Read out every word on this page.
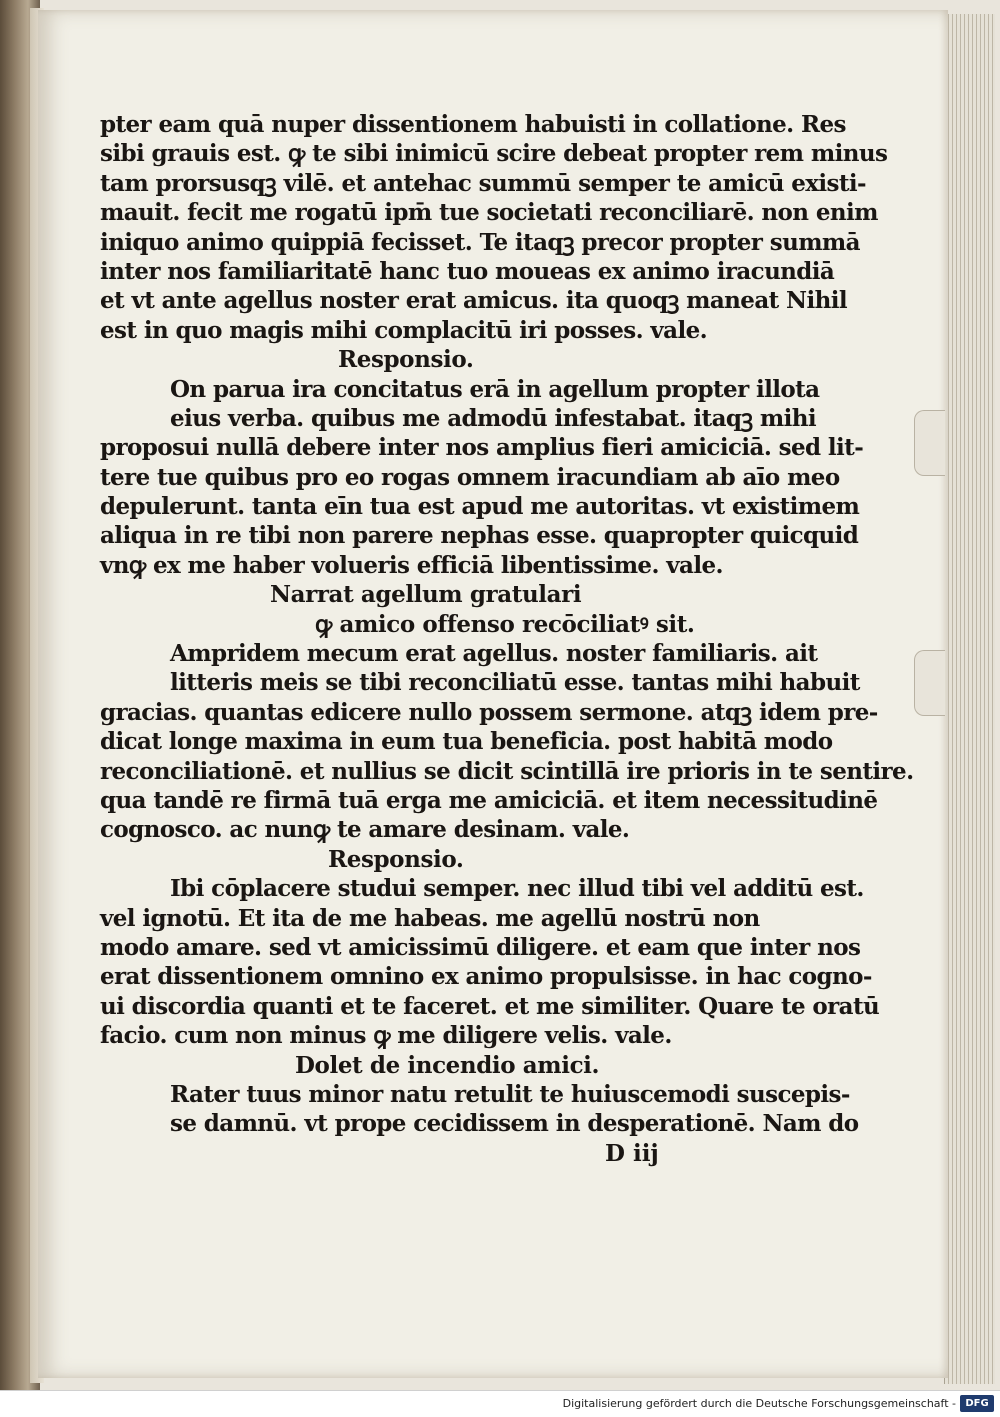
pter eam quā nuper dissentionem habuisti in collatione. Res
sibi grauis est. ꝙ te sibi inimicū scire debeat propter rem minus
tam prorsusqꝫ vilē. et antehac summū semper te amicū existi-
mauit. fecit me rogatū ipm̄ tue societati reconciliarē. non enim
iniquo animo quippiā fecisset. Te itaqꝫ precor propter summā
inter nos familiaritatē hanc tuo moueas ex animo iracundiā
et vt ante agellus noster erat amicus. ita quoqꝫ maneat Nihil
est in quo magis mihi complacitū iri posses. vale.
Responsio.
On parua ira concitatus erā in agellum propter illota
eius verba. quibus me admodū infestabat. itaqꝫ mihi
proposui nullā debere inter nos amplius fieri amiciciā. sed lit-
tere tue quibus pro eo rogas omnem iracundiam ab aīo meo
depulerunt. tanta eīn tua est apud me autoritas. vt existimem
aliqua in re tibi non parere nephas esse. quapropter quicquid
vnꝙ ex me haber volueris efficiā libentissime. vale.
Narrat agellum gratulari
ꝙ amico offenso recōciliatꝰ sit.
Ampridem mecum erat agellus. noster familiaris. ait
litteris meis se tibi reconciliatū esse. tantas mihi habuit
gracias. quantas edicere nullo possem sermone. atqꝫ idem pre-
dicat longe maxima in eum tua beneficia. post habitā modo
reconciliationē. et nullius se dicit scintillā ire prioris in te sentire.
qua tandē re firmā tuā erga me amiciciā. et item necessitudinē
cognosco. ac nunꝙ te amare desinam. vale.
Responsio.
Ibi cōplacere studui semper. nec illud tibi vel additū est.
vel ignotū. Et ita de me habeas. me agellū nostrū non
modo amare. sed vt amicissimū diligere. et eam que inter nos
erat dissentionem omnino ex animo propulsisse. in hac cogno-
ui discordia quanti et te faceret. et me similiter. Quare te oratū
facio. cum non minus ꝙ me diligere velis. vale.
Dolet de incendio amici.
Rater tuus minor natu retulit te huiuscemodi suscepis-
se damnū. vt prope cecidissem in desperationē. Nam do
D iij
Digitalisierung gefördert durch die Deutsche Forschungsgemeinschaft - DFG
